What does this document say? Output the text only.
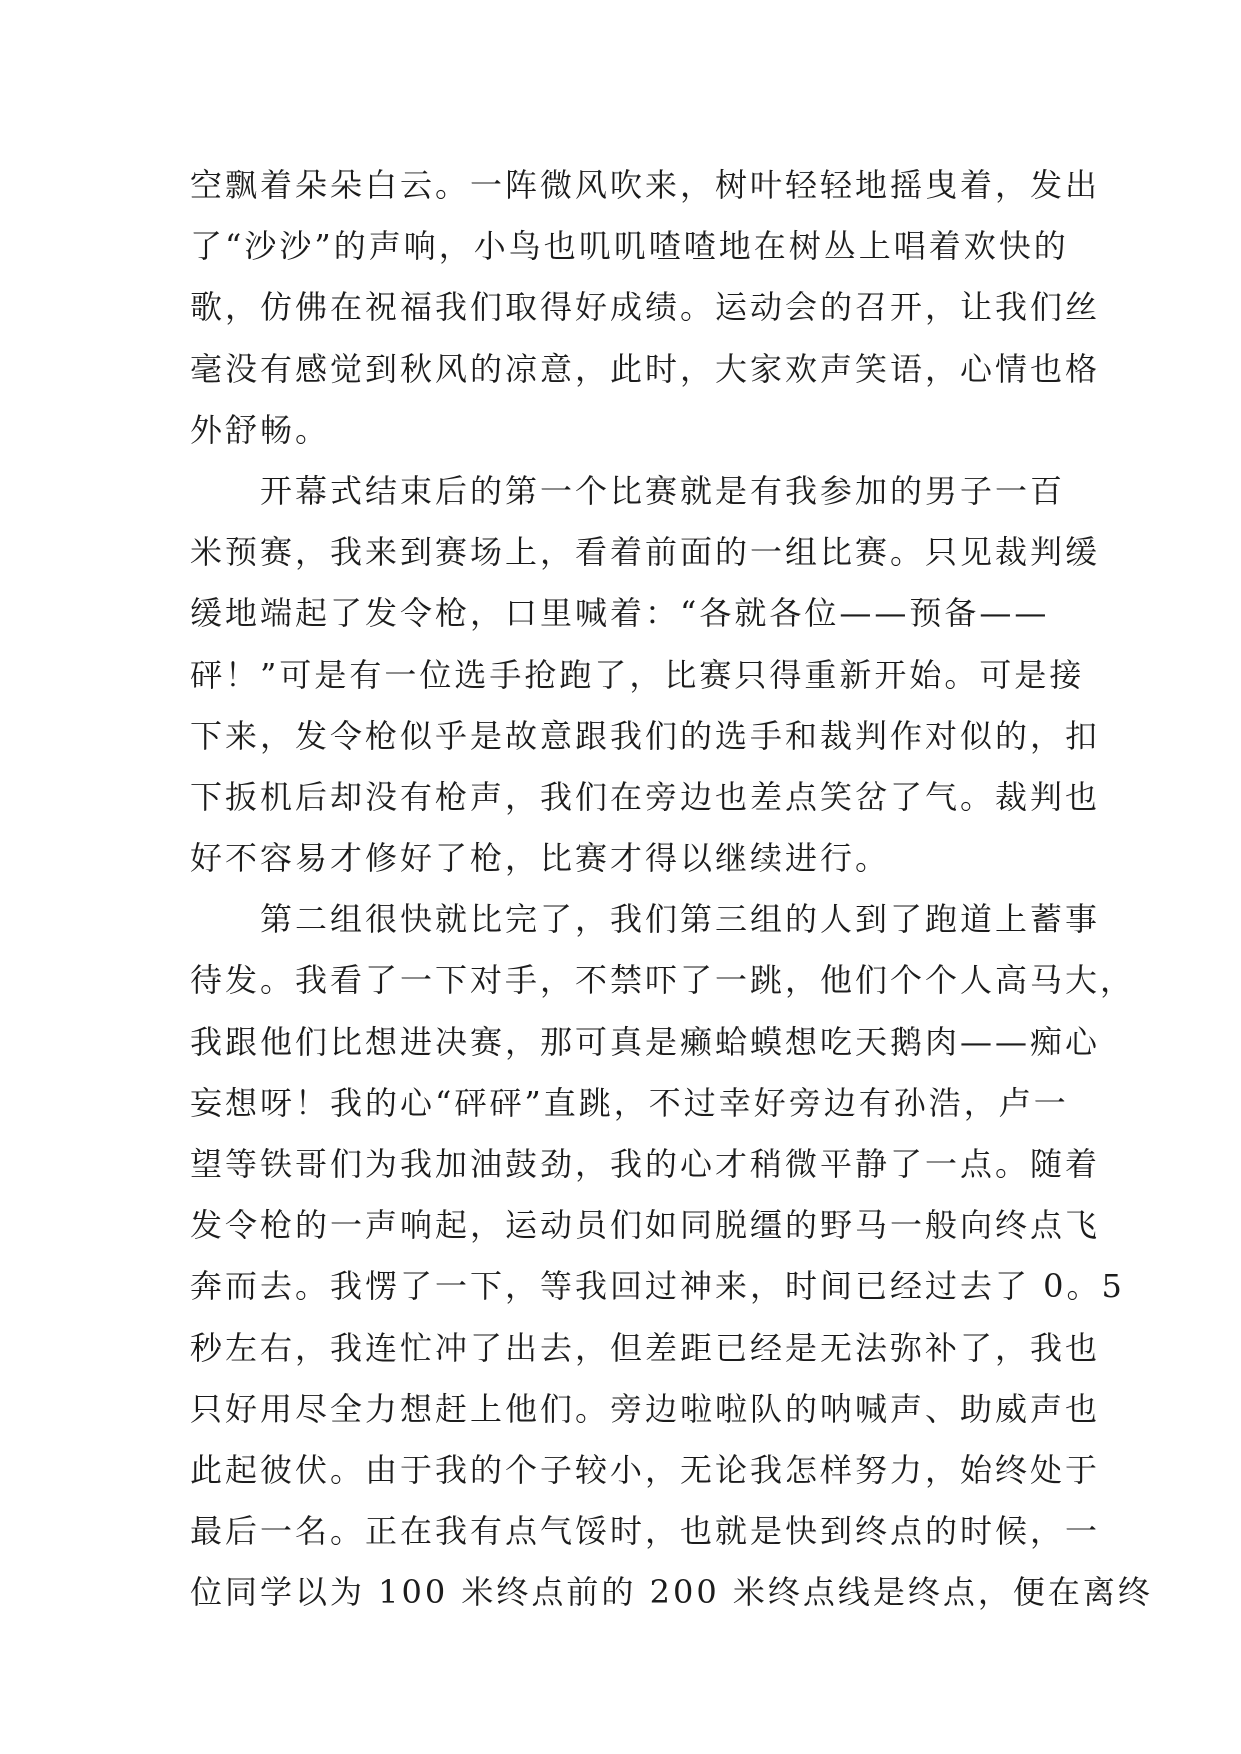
空飘着朵朵白云。一阵微风吹来，树叶轻轻地摇曳着，发出
了“沙沙”的声响，小鸟也叽叽喳喳地在树丛上唱着欢快的
歌，仿佛在祝福我们取得好成绩。运动会的召开，让我们丝
毫没有感觉到秋风的凉意，此时，大家欢声笑语，心情也格
外舒畅。
开幕式结束后的第一个比赛就是有我参加的男子一百
米预赛，我来到赛场上，看着前面的一组比赛。只见裁判缓
缓地端起了发令枪，口里喊着：“各就各位——预备——
砰！”可是有一位选手抢跑了，比赛只得重新开始。可是接
下来，发令枪似乎是故意跟我们的选手和裁判作对似的，扣
下扳机后却没有枪声，我们在旁边也差点笑岔了气。裁判也
好不容易才修好了枪，比赛才得以继续进行。
第二组很快就比完了，我们第三组的人到了跑道上蓄事
待发。我看了一下对手，不禁吓了一跳，他们个个人高马大，
我跟他们比想进决赛，那可真是癞蛤蟆想吃天鹅肉——痴心
妄想呀！我的心“砰砰”直跳，不过幸好旁边有孙浩，卢一
望等铁哥们为我加油鼓劲，我的心才稍微平静了一点。随着
发令枪的一声响起，运动员们如同脱缰的野马一般向终点飞
奔而去。我愣了一下，等我回过神来，时间已经过去了 0。5
秒左右，我连忙冲了出去，但差距已经是无法弥补了，我也
只好用尽全力想赶上他们。旁边啦啦队的呐喊声、助威声也
此起彼伏。由于我的个子较小，无论我怎样努力，始终处于
最后一名。正在我有点气馁时，也就是快到终点的时候，一
位同学以为 100 米终点前的 200 米终点线是终点，便在离终
